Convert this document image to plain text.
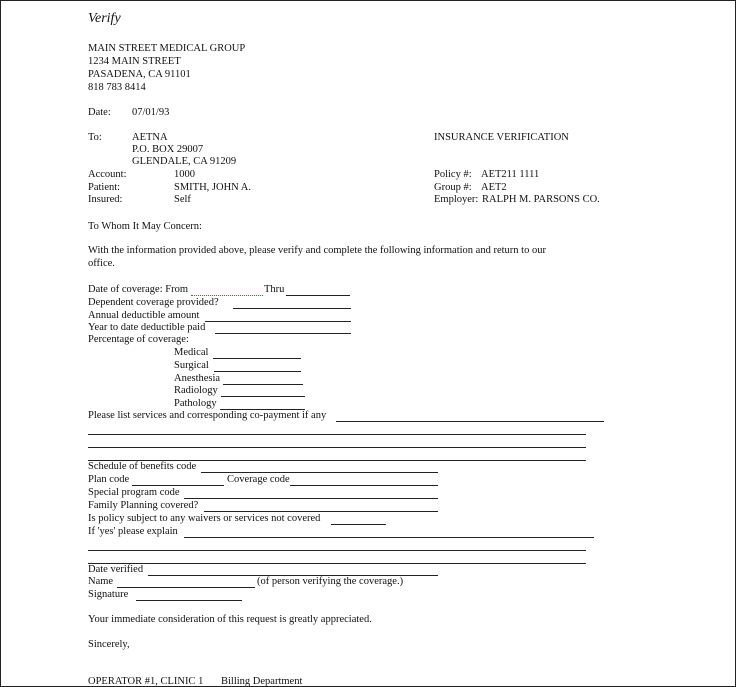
Verify
MAIN STREET MEDICAL GROUP
1234 MAIN STREET
PASADENA, CA 91101
818 783 8414
Date: 07/01/93
To:	AETNA
P.O. BOX 29007
GLENDALE, CA 91209
INSURANCE VERIFICATION
Account:	1000
Patient:	SMITH, JOHN A.
Insured:	Self
Policy #: AET211 1111
Group #: AET2
Employer: RALPH M. PARSONS CO.
To Whom It May Concern:
With the information provided above, please verify and complete the following information and return to our
office.
Date of coverage: From	Thru
Dependent coverage provided?
Annual deductible amount
Year to date deductible paid
Percentage of coverage:
Medical
Surgical
Anesthesia
Radiology
Pathology
Please list services and corresponding co-payment if any
Schedule of benefits code
Plan code	Coverage code
Special program code
Family Planning covered?
Is policy subject to any waivers or services not covered
If 'yes' please explain
Date verified
Name	(of person verifying the coverage.)
Signature
Your immediate consideration of this request is greatly appreciated.
Sincerely,
OPERATOR #1, CLINIC 1 Billing Department
